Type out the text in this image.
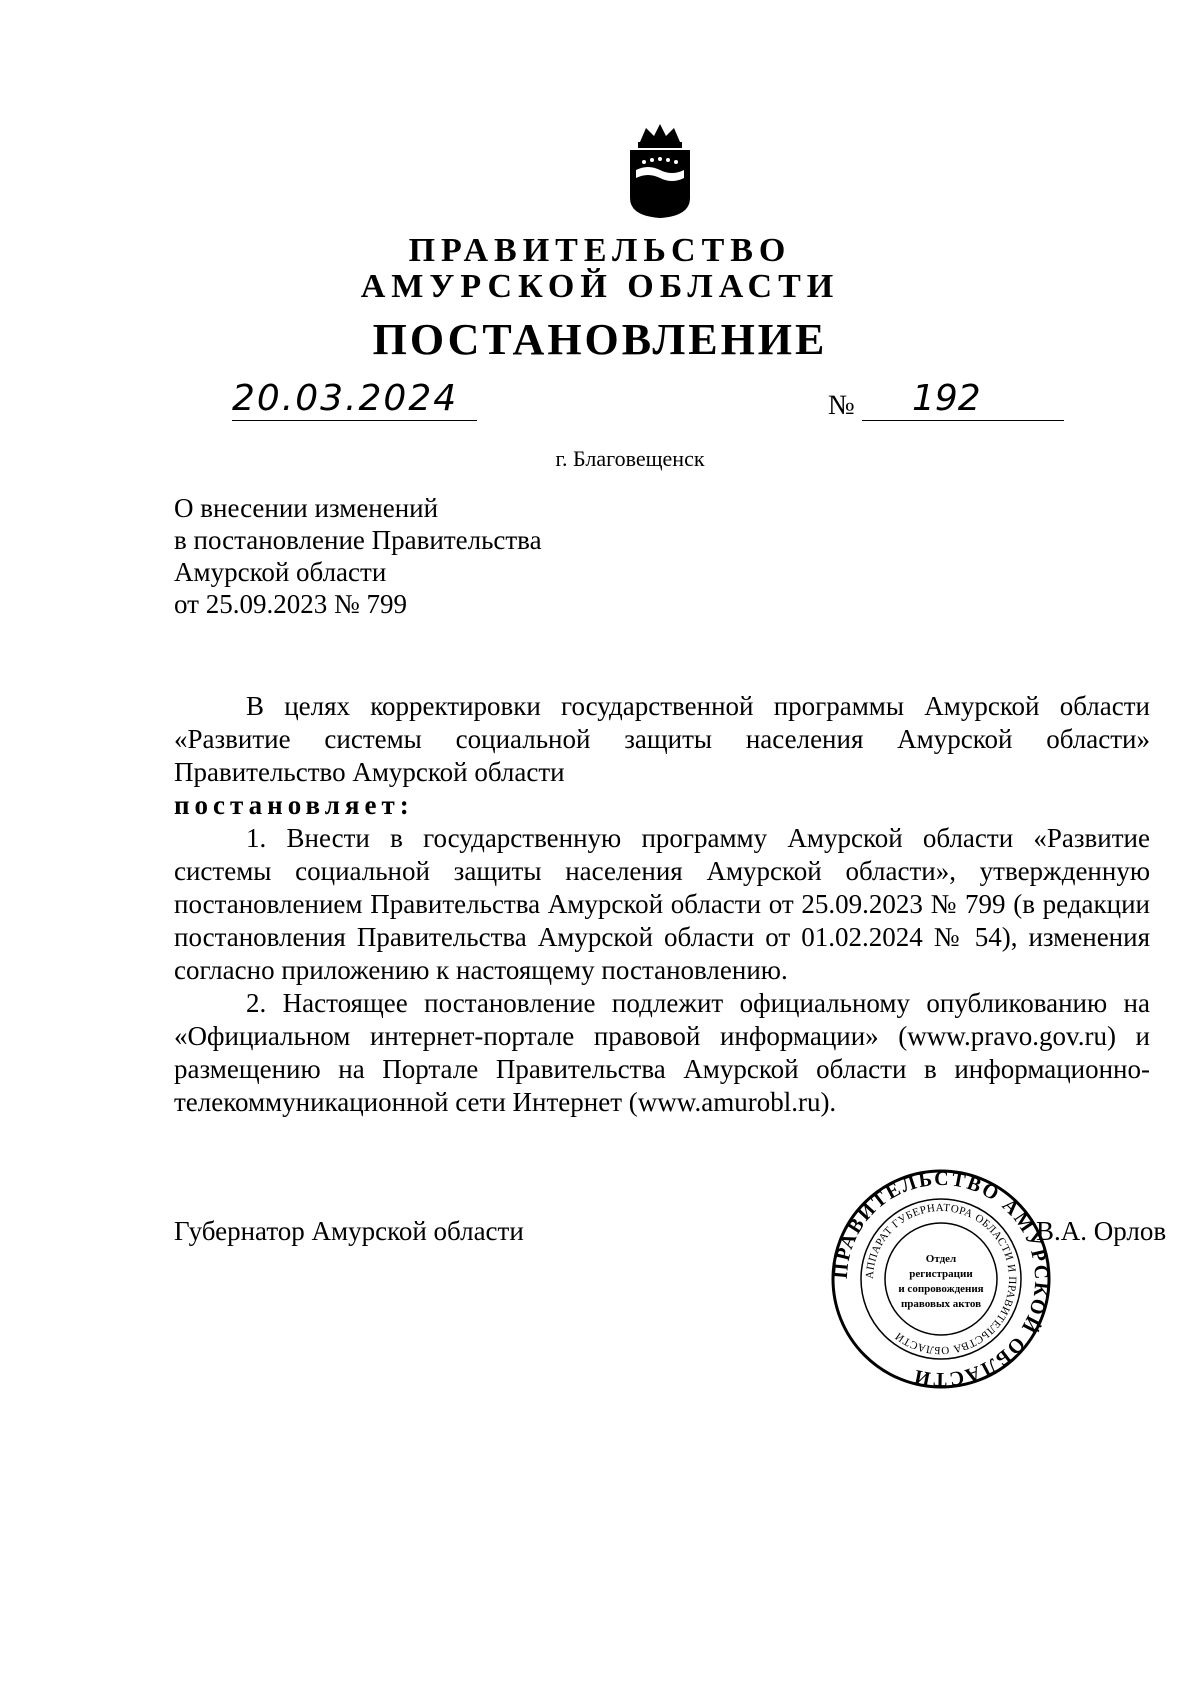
ПРАВИТЕЛЬСТВО
АМУРСКОЙ ОБЛАСТИ
ПОСТАНОВЛЕНИЕ
20.03.2024	№ 192
г. Благовещенск
О внесении изменений
в постановление Правительства
Амурской области
от 25.09.2023 № 799

В целях корректировки государственной программы Амурской области «Развитие системы социальной защиты населения Амурской области» Правительство Амурской области

постановляет:

1. Внести в государственную программу Амурской области «Развитие системы социальной защиты населения Амурской области», утвержденную постановлением Правительства Амурской области от 25.09.2023 № 799 (в редакции постановления Правительства Амурской области от 01.02.2024 № 54), изменения согласно приложению к настоящему постановлению.

2. Настоящее постановление подлежит официальному опубликованию на «Официальном интернет-портале правовой информации» (www.pravo.gov.ru) и размещению на Портале Правительства Амурской области в информационно-телекоммуникационной сети Интернет (www.amurobl.ru).

Губернатор Амурской области	В.А. Орлов
ПРАВИТЕЛЬСТВО АМУРСКОЙ ОБЛАСТИ
АППАРАТ ГУБЕРНАТОРА ОБЛАСТИ И ПРАВИТЕЛЬСТВА ОБЛАСТИ
Отдел
регистрации
и сопровождения
правовых актов
